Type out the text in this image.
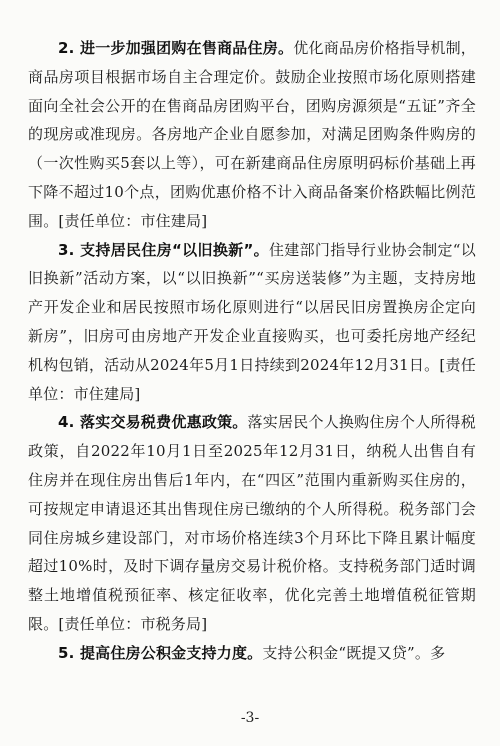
2. 进一步加强团购在售商品住房。优化商品房价格指导机制，商品房项目根据市场自主合理定价。鼓励企业按照市场化原则搭建面向全社会公开的在售商品房团购平台，团购房源须是“五证”齐全的现房或准现房。各房地产企业自愿参加，对满足团购条件购房的（一次性购买5套以上等），可在新建商品住房原明码标价基础上再下降不超过10个点，团购优惠价格不计入商品备案价格跌幅比例范围。[责任单位：市住建局]

3. 支持居民住房“以旧换新”。住建部门指导行业协会制定“以旧换新”活动方案，以“以旧换新”“买房送装修”为主题，支持房地产开发企业和居民按照市场化原则进行“以居民旧房置换房企定向新房”，旧房可由房地产开发企业直接购买，也可委托房地产经纪机构包销，活动从2024年5月1日持续到2024年12月31日。[责任单位：市住建局]

4. 落实交易税费优惠政策。落实居民个人换购住房个人所得税政策，自2022年10月1日至2025年12月31日，纳税人出售自有住房并在现住房出售后1年内，在“四区”范围内重新购买住房的，可按规定申请退还其出售现住房已缴纳的个人所得税。税务部门会同住房城乡建设部门，对市场价格连续3个月环比下降且累计幅度超过10%时，及时下调存量房交易计税价格。支持税务部门适时调整土地增值税预征率、核定征收率，优化完善土地增值税征管期限。[责任单位：市税务局]

5. 提高住房公积金支持力度。支持公积金“既提又贷”。多

-3-
